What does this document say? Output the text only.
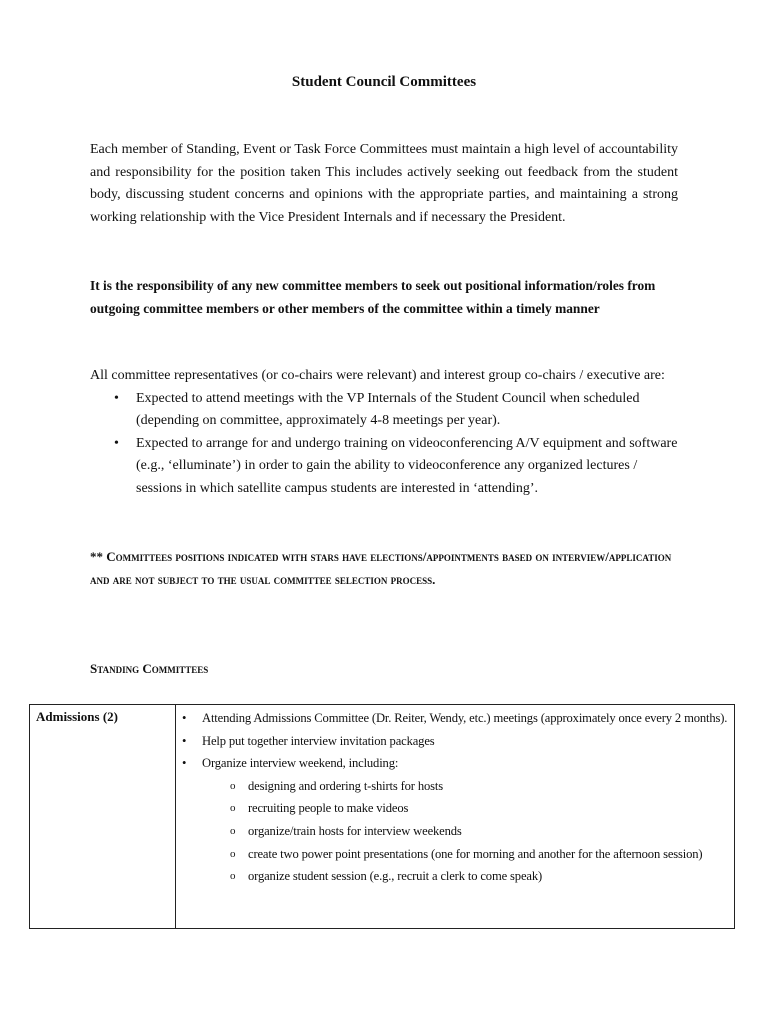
Student Council Committees

Each member of Standing, Event or Task Force Committees must maintain a high level of accountability and responsibility for the position taken This includes actively seeking out feedback from the student body, discussing student concerns and opinions with the appropriate parties, and maintaining a strong working relationship with the Vice President Internals and if necessary the President.

It is the responsibility of any new committee members to seek out positional information/roles from outgoing committee members or other members of the committee within a timely manner

All committee representatives (or co-chairs were relevant) and interest group co-chairs / executive are:
• Expected to attend meetings with the VP Internals of the Student Council when scheduled (depending on committee, approximately 4-8 meetings per year).
• Expected to arrange for and undergo training on videoconferencing A/V equipment and software (e.g., ‘elluminate’) in order to gain the ability to videoconference any organized lectures / sessions in which satellite campus students are interested in ‘attending’.

** Committees positions indicated with stars have elections/appointments based on interview/application and are not subject to the usual committee selection process.

Standing Committees
Admissions (2)	• Attending Admissions Committee (Dr. Reiter, Wendy, etc.) meetings (approximately once every 2 months).
• Help put together interview invitation packages
• Organize interview weekend, including:
o designing and ordering t-shirts for hosts
o recruiting people to make videos
o organize/train hosts for interview weekends
o create two power point presentations (one for morning and another for the afternoon session)
o organize student session (e.g., recruit a clerk to come speak)
